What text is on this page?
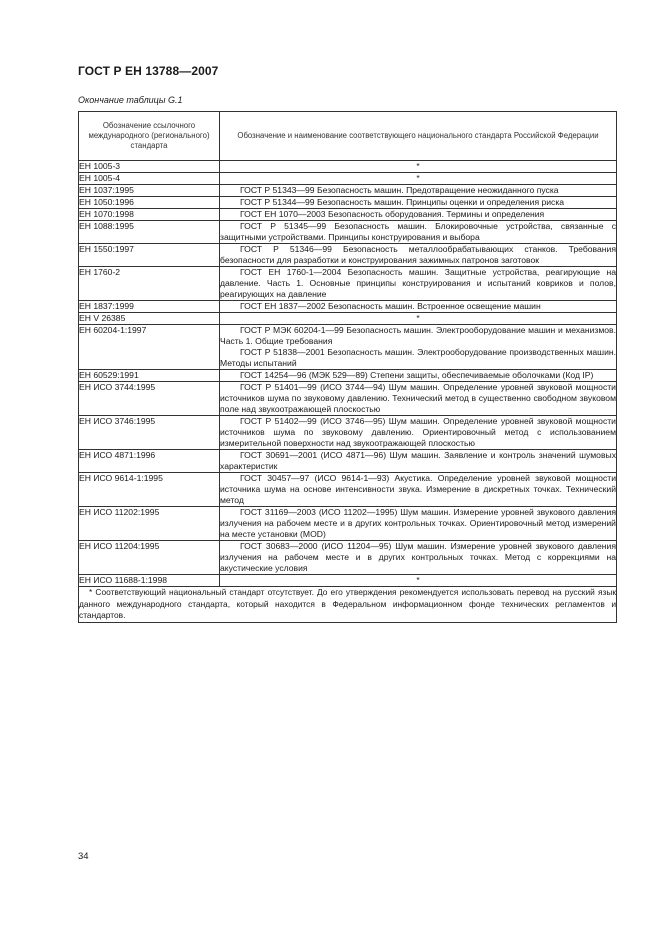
ГОСТ Р ЕН 13788—2007
Окончание таблицы G.1
Обозначение ссылочного международного (регионального) стандарта	Обозначение и наименование соответствующего национального стандарта Российской Федерации
ЕН 1005-3	*
ЕН 1005-4	*
ЕН 1037:1995	ГОСТ Р 51343—99 Безопасность машин. Предотвращение неожиданного пуска

ЕН 1050:1996	ГОСТ Р 51344—99 Безопасность машин. Принципы оценки и определения риска

ЕН 1070:1998	ГОСТ ЕН 1070—2003 Безопасность оборудования. Термины и определения

ЕН 1088:1995	ГОСТ Р 51345—99 Безопасность машин. Блокировочные устройства, связанные с защитными устройствами. Принципы конструирования и выбора

ЕН 1550:1997	ГОСТ Р 51346—99 Безопасность металлообрабатывающих станков. Требования безопасности для разработки и конструирования зажимных патронов заготовок

ЕН 1760-2	ГОСТ ЕН 1760-1—2004 Безопасность машин. Защитные устройства, реагирующие на давление. Часть 1. Основные принципы конструирования и испытаний ковриков и полов, реагирующих на давление

ЕН 1837:1999	ГОСТ ЕН 1837—2002 Безопасность машин. Встроенное освещение машин

ЕН V 26385	*
ЕН 60204-1:1997	ГОСТ Р МЭК 60204-1—99 Безопасность машин. Электрооборудование машин и механизмов. Часть 1. Общие требования

ГОСТ Р 51838—2001 Безопасность машин. Электрооборудование производственных машин. Методы испытаний

ЕН 60529:1991	ГОСТ 14254—96 (МЭК 529—89) Степени защиты, обеспечиваемые оболочками (Код IP)

ЕН ИСО 3744:1995	ГОСТ Р 51401—99 (ИСО 3744—94) Шум машин. Определение уровней звуковой мощности источников шума по звуковому давлению. Технический метод в существенно свободном звуковом поле над звукоотражающей плоскостью

ЕН ИСО 3746:1995	ГОСТ Р 51402—99 (ИСО 3746—95) Шум машин. Определение уровней звуковой мощности источников шума по звуковому давлению. Ориентировочный метод с использованием измерительной поверхности над звукоотражающей плоскостью

ЕН ИСО 4871:1996	ГОСТ 30691—2001 (ИСО 4871—96) Шум машин. Заявление и контроль значений шумовых характеристик

ЕН ИСО 9614-1:1995	ГОСТ 30457—97 (ИСО 9614-1—93) Акустика. Определение уровней звуковой мощности источника шума на основе интенсивности звука. Измерение в дискретных точках. Технический метод

ЕН ИСО 11202:1995	ГОСТ 31169—2003 (ИСО 11202—1995) Шум машин. Измерение уровней звукового давления излучения на рабочем месте и в других контрольных точках. Ориентировочный метод измерений на месте установки (MOD)

ЕН ИСО 11204:1995	ГОСТ 30683—2000 (ИСО 11204—95) Шум машин. Измерение уровней звукового давления излучения на рабочем месте и в других контрольных точках. Метод с коррекциями на акустические условия

ЕН ИСО 11688-1:1998	*
* Соответствующий национальный стандарт отсутствует. До его утверждения рекомендуется использовать перевод на русский язык данного международного стандарта, который находится в Федеральном информационном фонде технических регламентов и стандартов.	
34
